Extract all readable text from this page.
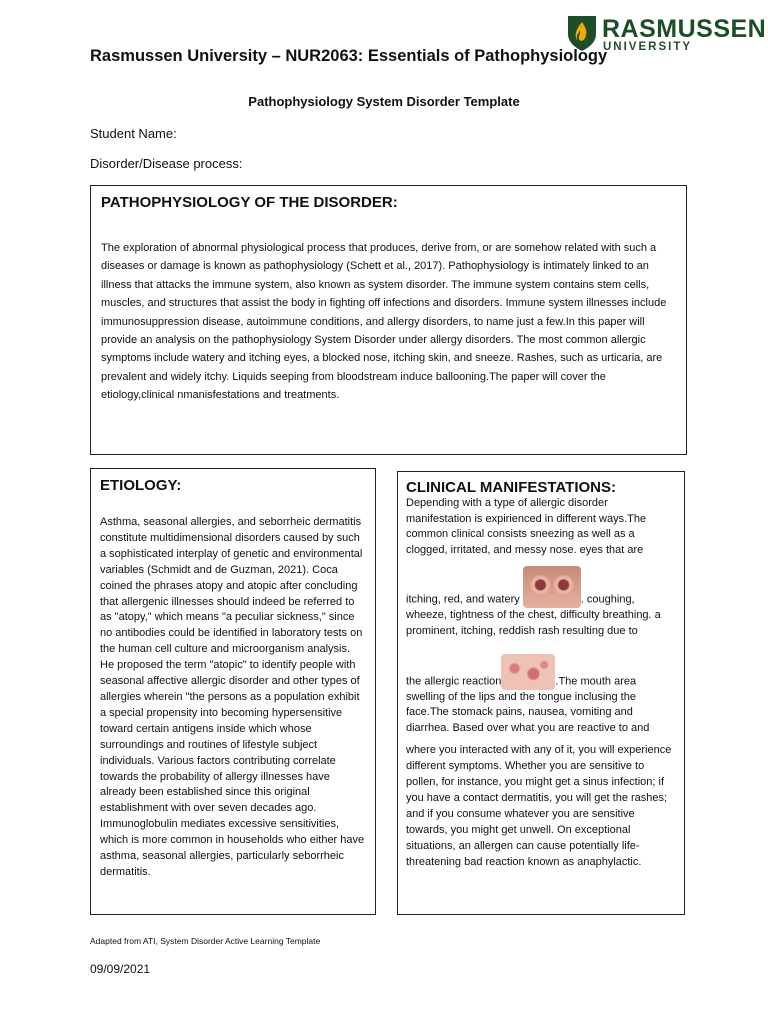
RASMUSSEN
UNIVERSITY
Rasmussen University – NUR2063: Essentials of Pathophysiology
Pathophysiology System Disorder Template
Student Name:
Disorder/Disease process:
PATHOPHYSIOLOGY OF THE DISORDER:

The exploration of abnormal physiological process that produces, derive from, or are somehow related with such a diseases or damage is known as pathophysiology (Schett et al., 2017). Pathophysiology is intimately linked to an illness that attacks the immune system, also known as system disorder. The immune system contains stem cells, muscles, and structures that assist the body in fighting off infections and disorders. Immune system illnesses include immunosuppression disease, autoimmune conditions, and allergy disorders, to name just a few.In this paper will provide an analysis on the pathophysiology System Disorder under allergy disorders. The most common allergic symptoms include watery and itching eyes, a blocked nose, itching skin, and sneeze. Rashes, such as urticaria, are prevalent and widely itchy. Liquids seeping from bloodstream induce ballooning.The paper will cover the etiology,clinical nmanisfestations and treatments.

ETIOLOGY:

Asthma, seasonal allergies, and seborrheic dermatitis constitute multidimensional disorders caused by such a sophisticated interplay of genetic and environmental variables (Schmidt and de Guzman, 2021). Coca coined the phrases atopy and atopic after concluding that allergenic illnesses should indeed be referred to as "atopy," which means "a peculiar sickness," since no antibodies could be identified in laboratory tests on the human cell culture and microorganism analysis. He proposed the term "atopic" to identify people with seasonal affective allergic disorder and other types of allergies wherein "the persons as a population exhibit a special propensity into becoming hypersensitive toward certain antigens inside which whose surroundings and routines of lifestyle subject individuals. Various factors contributing correlate towards the probability of allergy illnesses have already been established since this original establishment with over seven decades ago. Immunoglobulin mediates excessive sensitivities, which is more common in households who either have asthma, seasonal allergies, particularly seborrheic dermatitis.

CLINICAL MANIFESTATIONS:

Depending with a type of allergic disorder manifestation is expirienced in different ways.The common clinical consists sneezing as well as a clogged, irritated, and messy nose. eyes that are

itching, red, and watery	. coughing, wheeze, tightness of the chest, difficulty breathing. a prominent, itching, reddish rash resulting due to

the allergic reaction	.The mouth area swelling of the lips and the tongue inclusing the face.The stomack pains, nausea, vomiting and diarrhea. Based over what you are reactive to and

where you interacted with any of it, you will experience different symptoms. Whether you are sensitive to pollen, for instance, you might get a sinus infection; if you have a contact dermatitis, you will get the rashes; and if you consume whatever you are sensitive towards, you might get unwell. On exceptional situations, an allergen can cause potentially life-threatening bad reaction known as anaphylactic.

Adapted from ATI, System Disorder Active Learning Template
09/09/2021
